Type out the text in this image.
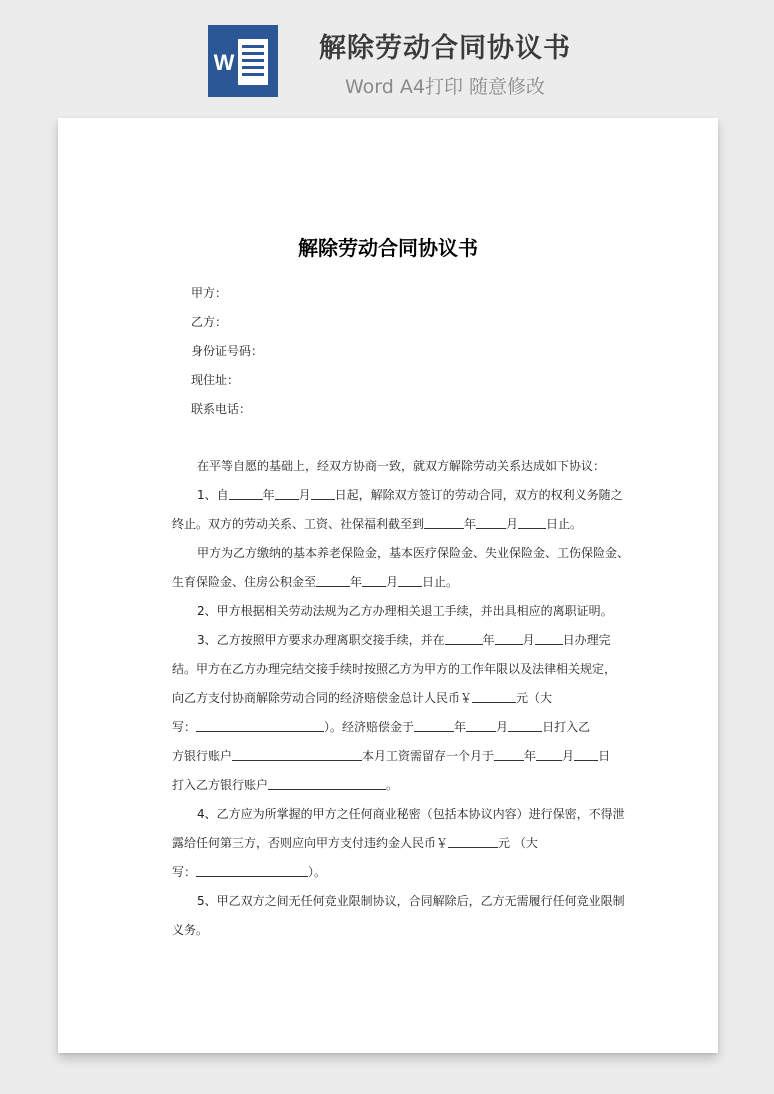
W	解除劳动合同协议书
Word A4打印 随意修改
解除劳动合同协议书
甲方：
乙方：
身份证号码：
现住址：
联系电话：
在平等自愿的基础上，经双方协商一致，就双方解除劳动关系达成如下协议：
1、自	年 月 日起，解除双方签订的劳动合同，双方的权利义务随之
终止。双方的劳动关系、工资、社保福利截至到	年	月 日止。
甲方为乙方缴纳的基本养老保险金，基本医疗保险金、失业保险金、工伤保险金、
生育保险金、住房公积金至	年 月 日止。
2、甲方根据相关劳动法规为乙方办理相关退工手续，并出具相应的离职证明。
3、乙方按照甲方要求办理离职交接手续，并在	年 月 日办理完
结。甲方在乙方办理完结交接手续时按照乙方为甲方的工作年限以及法律相关规定，
向乙方支付协商解除劳动合同的经济赔偿金总计人民币￥	元（大
写：	）。经济赔偿金于	年	月	日打入乙
方银行账户	本月工资需留存一个月于	年 月 日
打入乙方银行账户	。
4、乙方应为所掌握的甲方之任何商业秘密（包括本协议内容）进行保密，不得泄
露给任何第三方，否则应向甲方支付违约金人民币￥	元 （大
写：	）。
5、甲乙双方之间无任何竞业限制协议，合同解除后，乙方无需履行任何竞业限制
义务。
